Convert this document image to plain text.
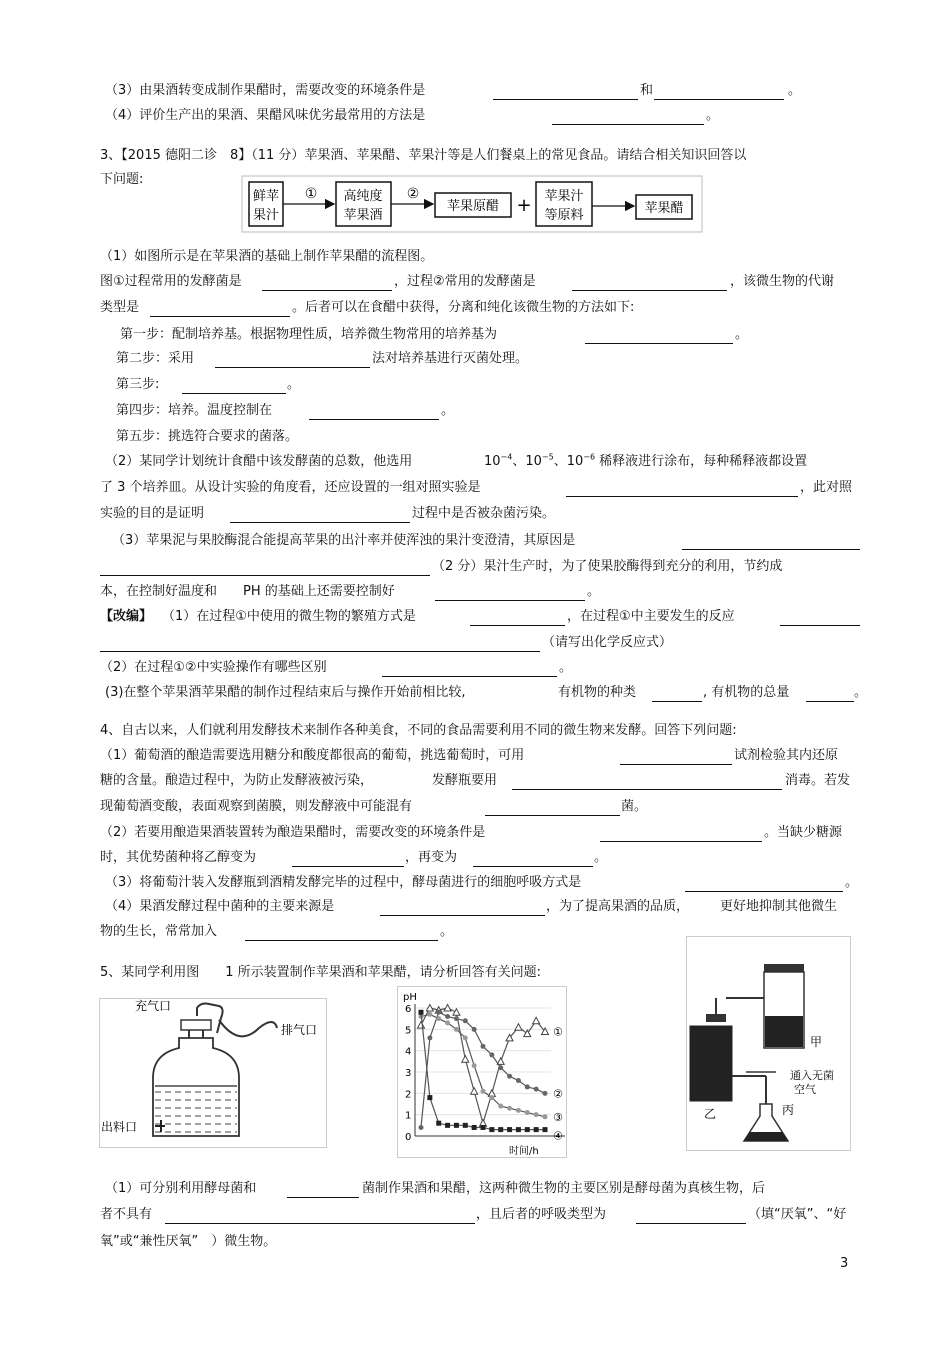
（3）由果酒转变成制作果醋时，需要改变的环境条件是	和	。
（4）评价生产出的果酒、果醋风味优劣最常用的方法是	。
3、【2015 德阳二诊　8】（11 分）苹果酒、苹果醋、苹果汁等是人们餐桌上的常见食品。请结合相关知识回答以
下问题:
鲜苹
果汁
① 高纯度
苹果酒
②
苹果原醋 + 苹果汁
等原料	苹果醋
（1）如图所示是在苹果酒的基础上制作苹果醋的流程图。
图①过程常用的发酵菌是	，过程②常用的发酵菌是	，该微生物的代谢
类型是	。后者可以在食醋中获得，分离和纯化该微生物的方法如下:
第一步：配制培养基。根据物理性质，培养微生物常用的培养基为	。
第二步：采用	法对培养基进行灭菌处理。
第三步:	。
第四步：培养。温度控制在	。
第五步：挑选符合要求的菌落。
（2）某同学计划统计食醋中该发酵菌的总数，他选用	$10^{-4}$、$10^{-5}$、$10^{-6}$ 稀释液进行涂布，每种稀释液都设置
了 3 个培养皿。从设计实验的角度看，还应设置的一组对照实验是	，此对照
实验的目的是证明	过程中是否被杂菌污染。
（3）苹果泥与果胶酶混合能提高苹果的出汁率并使浑浊的果汁变澄清，其原因是
（2 分）果汁生产时，为了使果胶酶得到充分的利用，节约成
本，在控制好温度和　　PH 的基础上还需要控制好	。
【改编】 （1）在过程①中使用的微生物的繁殖方式是	，在过程①中主要发生的反应
（请写出化学反应式）
（2）在过程①②中实验操作有哪些区别	。
(3)在整个苹果酒苹果醋的制作过程结束后与操作开始前相比较,	有机物的种类	, 有机物的总量	。
4、自古以来，人们就利用发酵技术来制作各种美食，不同的食品需要利用不同的微生物来发酵。回答下列问题:
（1）葡萄酒的酿造需要选用糖分和酸度都很高的葡萄，挑选葡萄时，可用	试剂检验其内还原
糖的含量。酿造过程中，为防止发酵液被污染，	发酵瓶要用	消毒。若发
现葡萄酒变酸，表面观察到菌膜，则发酵液中可能混有	菌。
（2）若要用酿造果酒装置转为酿造果醋时，需要改变的环境条件是	。当缺少糖源
时，其优势菌种将乙醇变为	，再变为	。
（3）将葡萄汁装入发酵瓶到酒精发酵完毕的过程中，酵母菌进行的细胞呼吸方式是	。
（4）果酒发酵过程中菌种的主要来源是	，为了提高果酒的品质， 更好地抑制其他微生
物的生长，常常加入	。
5、某同学利用图　　1 所示装置制作苹果酒和苹果醋，请分析回答有关问题:
充气口
排气口
出料口
pH
时间/h
0
1
2
3
4
5
6
①
②
③
④
甲
乙	丙
通入无菌
空气
（1）可分别利用酵母菌和	菌制作果酒和果醋，这两种微生物的主要区别是酵母菌为真核生物，后
者不具有	，且后者的呼吸类型为	（填“厌氧”、“好
氧”或“兼性厌氧”　）微生物。
3
